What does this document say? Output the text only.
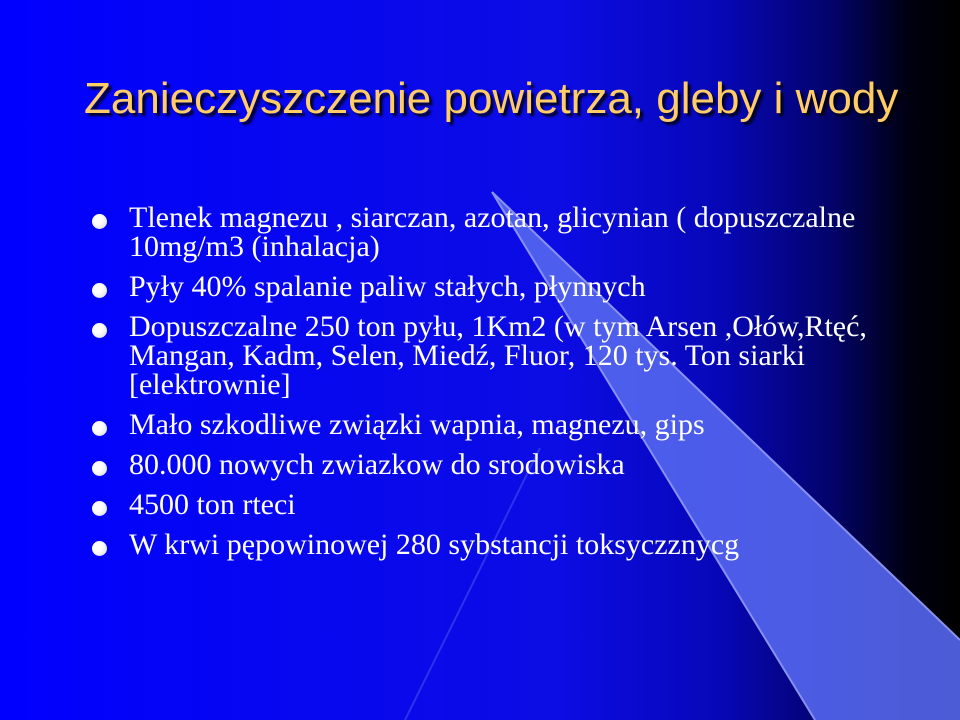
Zanieczyszczenie powietrza, gleby i wody
Tlenek magnezu , siarczan, azotan, glicynian ( dopuszczalne 10mg/m3 (inhalacja)
Pyły 40% spalanie paliw stałych, płynnych
Dopuszczalne 250 ton pyłu, 1Km2 (w tym Arsen ,Ołów,Rtęć, Mangan, Kadm, Selen, Miedź, Fluor, 120 tys. Ton siarki [elektrownie]
Mało szkodliwe związki wapnia, magnezu, gips
80.000 nowych zwiazkow do srodowiska
4500 ton rteci
W krwi pępowinowej 280 sybstancji toksyczznycg
